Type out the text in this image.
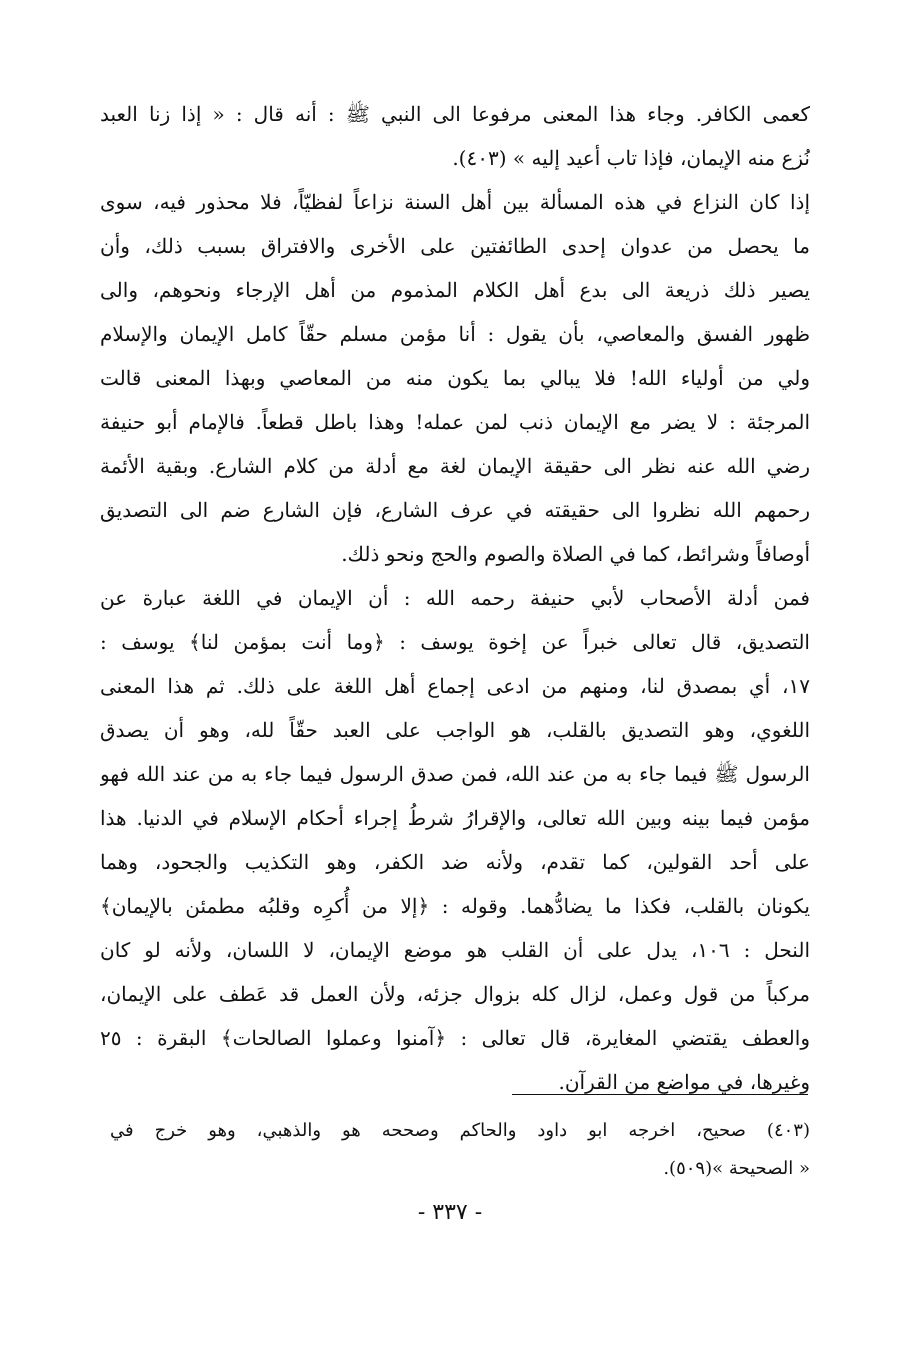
كعمى الكافر. وجاء هذا المعنى مرفوعا الى النبي ﷺ : أنه قال : « إذا زنا العبد
نُزع منه الإيمان، فإذا تاب أعيد إليه » (٤٠٣).
إذا كان النزاع في هذه المسألة بين أهل السنة نزاعاً لفظيّاً، فلا محذور فيه، سوى
ما يحصل من عدوان إحدى الطائفتين على الأخرى والافتراق بسبب ذلك، وأن
يصير ذلك ذريعة الى بدع أهل الكلام المذموم من أهل الإرجاء ونحوهم، والى
ظهور الفسق والمعاصي، بأن يقول : أنا مؤمن مسلم حقّاً كامل الإيمان والإسلام
ولي من أولياء الله! فلا يبالي بما يكون منه من المعاصي وبهذا المعنى قالت
المرجئة : لا يضر مع الإيمان ذنب لمن عمله! وهذا باطل قطعاً. فالإمام أبو حنيفة
رضي الله عنه نظر الى حقيقة الإيمان لغة مع أدلة من كلام الشارع. وبقية الأئمة
رحمهم الله نظروا الى حقيقته في عرف الشارع، فإن الشارع ضم الى التصديق
أوصافاً وشرائط، كما في الصلاة والصوم والحج ونحو ذلك.
فمن أدلة الأصحاب لأبي حنيفة رحمه الله : أن الإيمان في اللغة عبارة عن
التصديق، قال تعالى خبراً عن إخوة يوسف : ﴿وما أنت بمؤمن لنا﴾ يوسف :
١٧، أي بمصدق لنا، ومنهم من ادعى إجماع أهل اللغة على ذلك. ثم هذا المعنى
اللغوي، وهو التصديق بالقلب، هو الواجب على العبد حقّاً لله، وهو أن يصدق
الرسول ﷺ فيما جاء به من عند الله، فمن صدق الرسول فيما جاء به من عند الله فهو
مؤمن فيما بينه وبين الله تعالى، والإقرارُ شرطُ إجراء أحكام الإسلام في الدنيا. هذا
على أحد القولين، كما تقدم، ولأنه ضد الكفر، وهو التكذيب والجحود، وهما
يكونان بالقلب، فكذا ما يضادُّهما. وقوله : ﴿إلا من أُكرِه وقلبُه مطمئن بالإيمان﴾
النحل : ١٠٦، يدل على أن القلب هو موضع الإيمان، لا اللسان، ولأنه لو كان
مركباً من قول وعمل، لزال كله بزوال جزئه، ولأن العمل قد عَطف على الإيمان،
والعطف يقتضي المغايرة، قال تعالى : ﴿آمنوا وعملوا الصالحات﴾ البقرة : ٢٥
وغيرها، في مواضع من القرآن.
(٤٠٣) صحيح، اخرجه ابو داود والحاكم وصححه هو والذهبي، وهو خرج في
« الصحيحة »(٥٠٩).
- ٣٣٧ -
